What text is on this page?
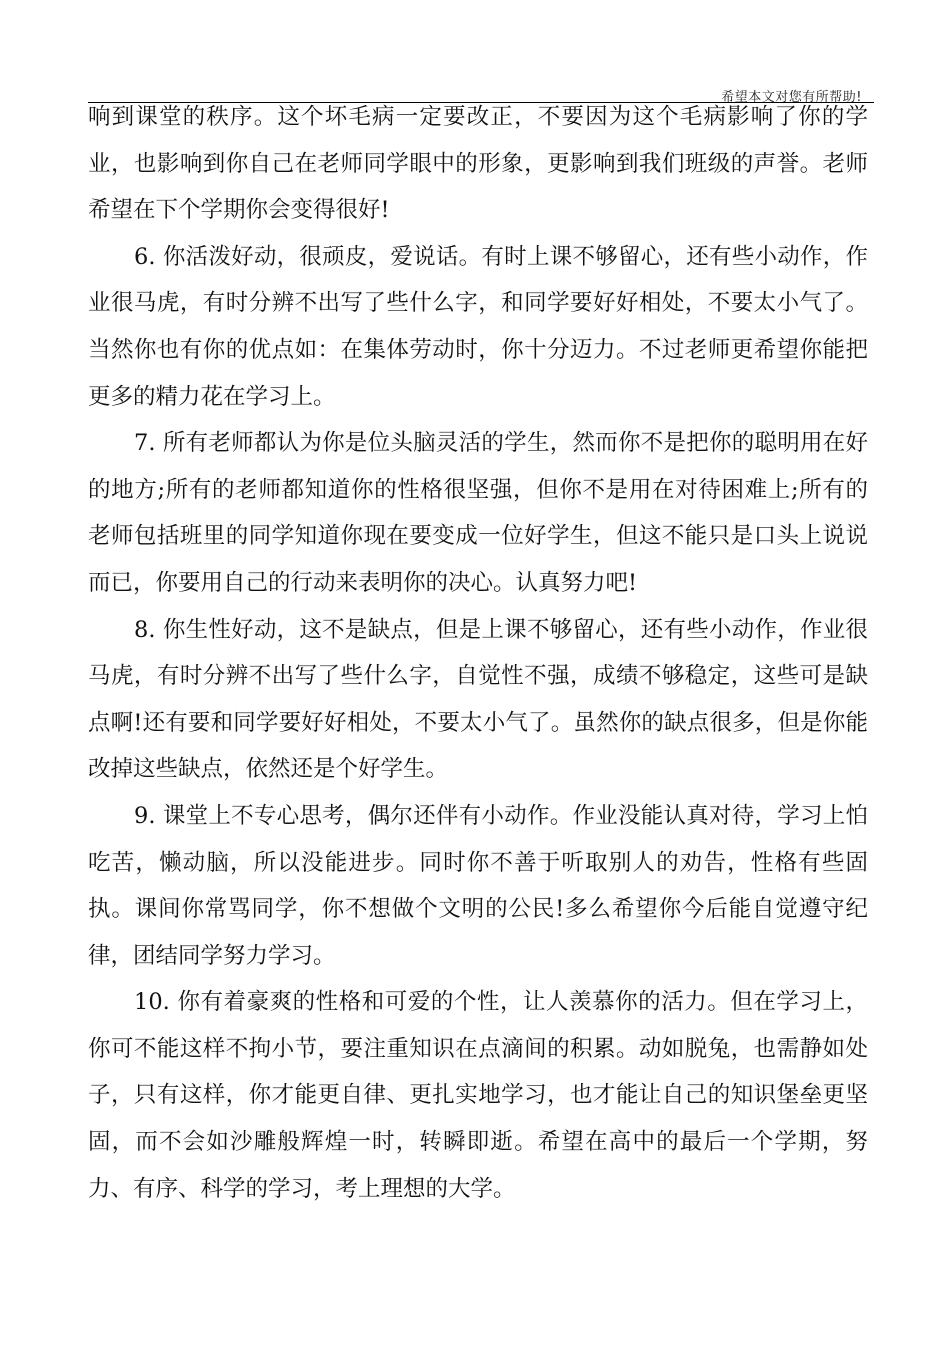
希望本文对您有所帮助!

响到课堂的秩序。这个坏毛病一定要改正，不要因为这个毛病影响了你的学业，也影响到你自己在老师同学眼中的形象，更影响到我们班级的声誉。老师希望在下个学期你会变得很好!

6. 你活泼好动，很顽皮，爱说话。有时上课不够留心，还有些小动作，作业很马虎，有时分辨不出写了些什么字，和同学要好好相处，不要太小气了。当然你也有你的优点如：在集体劳动时，你十分迈力。不过老师更希望你能把更多的精力花在学习上。

7. 所有老师都认为你是位头脑灵活的学生，然而你不是把你的聪明用在好的地方;所有的老师都知道你的性格很坚强，但你不是用在对待困难上;所有的老师包括班里的同学知道你现在要变成一位好学生，但这不能只是口头上说说而已，你要用自己的行动来表明你的决心。认真努力吧!

8. 你生性好动，这不是缺点，但是上课不够留心，还有些小动作，作业很马虎，有时分辨不出写了些什么字，自觉性不强，成绩不够稳定，这些可是缺点啊!还有要和同学要好好相处，不要太小气了。虽然你的缺点很多，但是你能改掉这些缺点，依然还是个好学生。

9. 课堂上不专心思考，偶尔还伴有小动作。作业没能认真对待，学习上怕吃苦，懒动脑，所以没能进步。同时你不善于听取别人的劝告，性格有些固执。课间你常骂同学，你不想做个文明的公民!多么希望你今后能自觉遵守纪律，团结同学努力学习。

10. 你有着豪爽的性格和可爱的个性，让人羡慕你的活力。但在学习上，你可不能这样不拘小节，要注重知识在点滴间的积累。动如脱兔，也需静如处子，只有这样，你才能更自律、更扎实地学习，也才能让自己的知识堡垒更坚固，而不会如沙雕般辉煌一时，转瞬即逝。希望在高中的最后一个学期，努力、有序、科学的学习，考上理想的大学。
